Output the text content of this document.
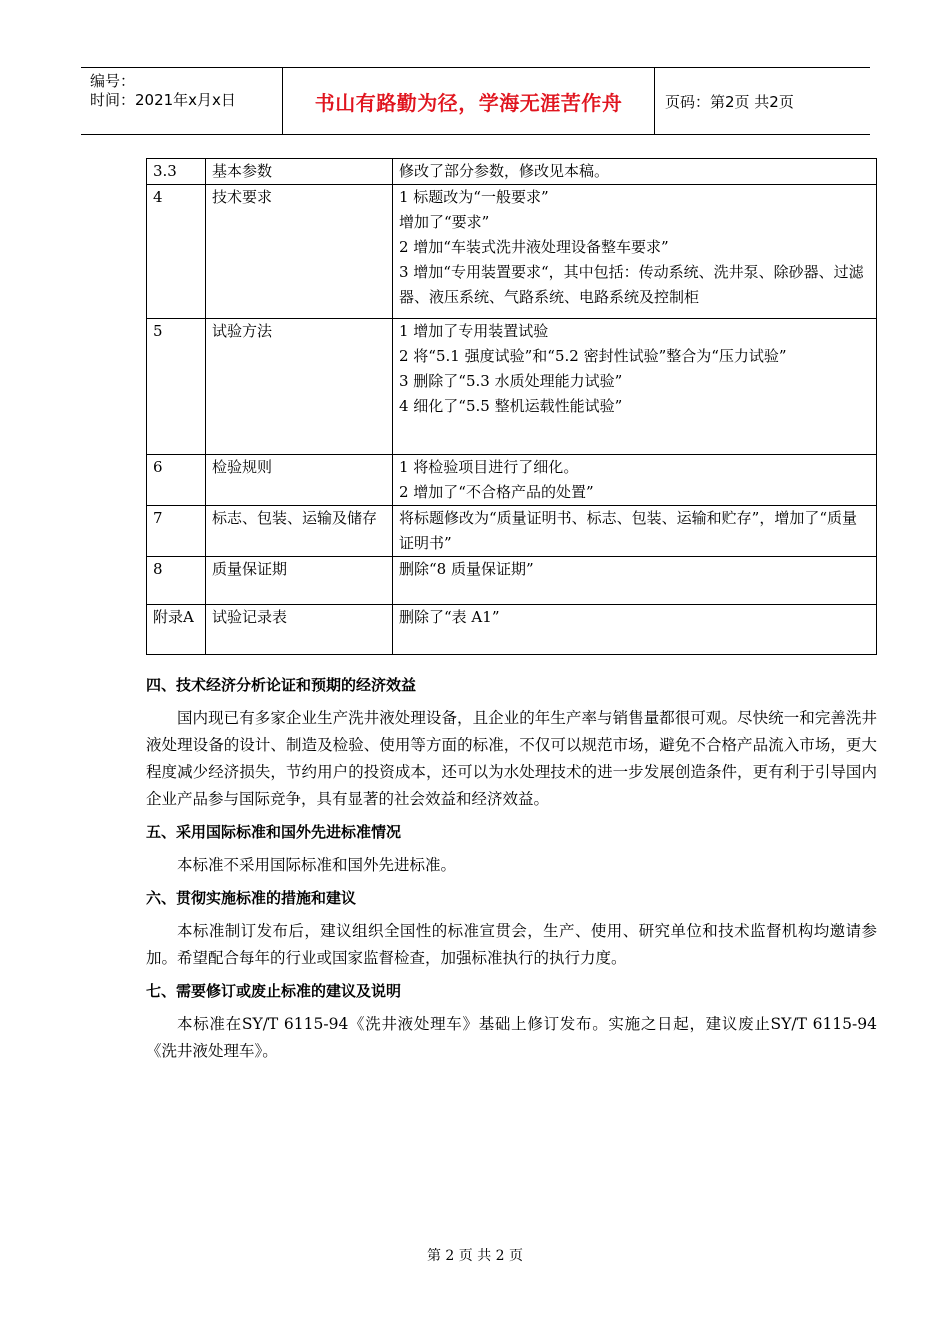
编号：
时间：2021年x月x日	书山有路勤为径，学海无涯苦作舟	页码：第2页 共2页
3.3	基本参数	修改了部分参数，修改见本稿。

4	技术要求	1 标题改为“一般要求”
增加了“要求”
2 增加“车装式洗井液处理设备整车要求”
3 增加“专用装置要求“，其中包括：传动系统、洗井泵、除砂器、过滤器、液压系统、气路系统、电路系统及控制柜

5	试验方法	1 增加了专用装置试验
2 将“5.1 强度试验”和“5.2 密封性试验”整合为“压力试验”
3 删除了“5.3 水质处理能力试验”
4 细化了“5.5 整机运载性能试验”

6	检验规则	1 将检验项目进行了细化。
2 增加了“不合格产品的处置”

7	标志、包装、运输及储存	将标题修改为“质量证明书、标志、包装、运输和贮存”，增加了“质量证明书”

8	质量保证期	删除“8 质量保证期”

附录A	试验记录表	删除了“表 A1”
四、技术经济分析论证和预期的经济效益

国内现已有多家企业生产洗井液处理设备，且企业的年生产率与销售量都很可观。尽快统一和完善洗井液处理设备的设计、制造及检验、使用等方面的标准，不仅可以规范市场，避免不合格产品流入市场，更大程度减少经济损失，节约用户的投资成本，还可以为水处理技术的进一步发展创造条件，更有利于引导国内企业产品参与国际竞争，具有显著的社会效益和经济效益。

五、采用国际标准和国外先进标准情况

本标准不采用国际标准和国外先进标准。

六、贯彻实施标准的措施和建议

本标准制订发布后，建议组织全国性的标准宣贯会，生产、使用、研究单位和技术监督机构均邀请参加。希望配合每年的行业或国家监督检查，加强标准执行的执行力度。

七、需要修订或废止标准的建议及说明

本标准在SY/T 6115-94《洗井液处理车》基础上修订发布。实施之日起，建议废止SY/T 6115-94《洗井液处理车》。

第 2 页 共 2 页
